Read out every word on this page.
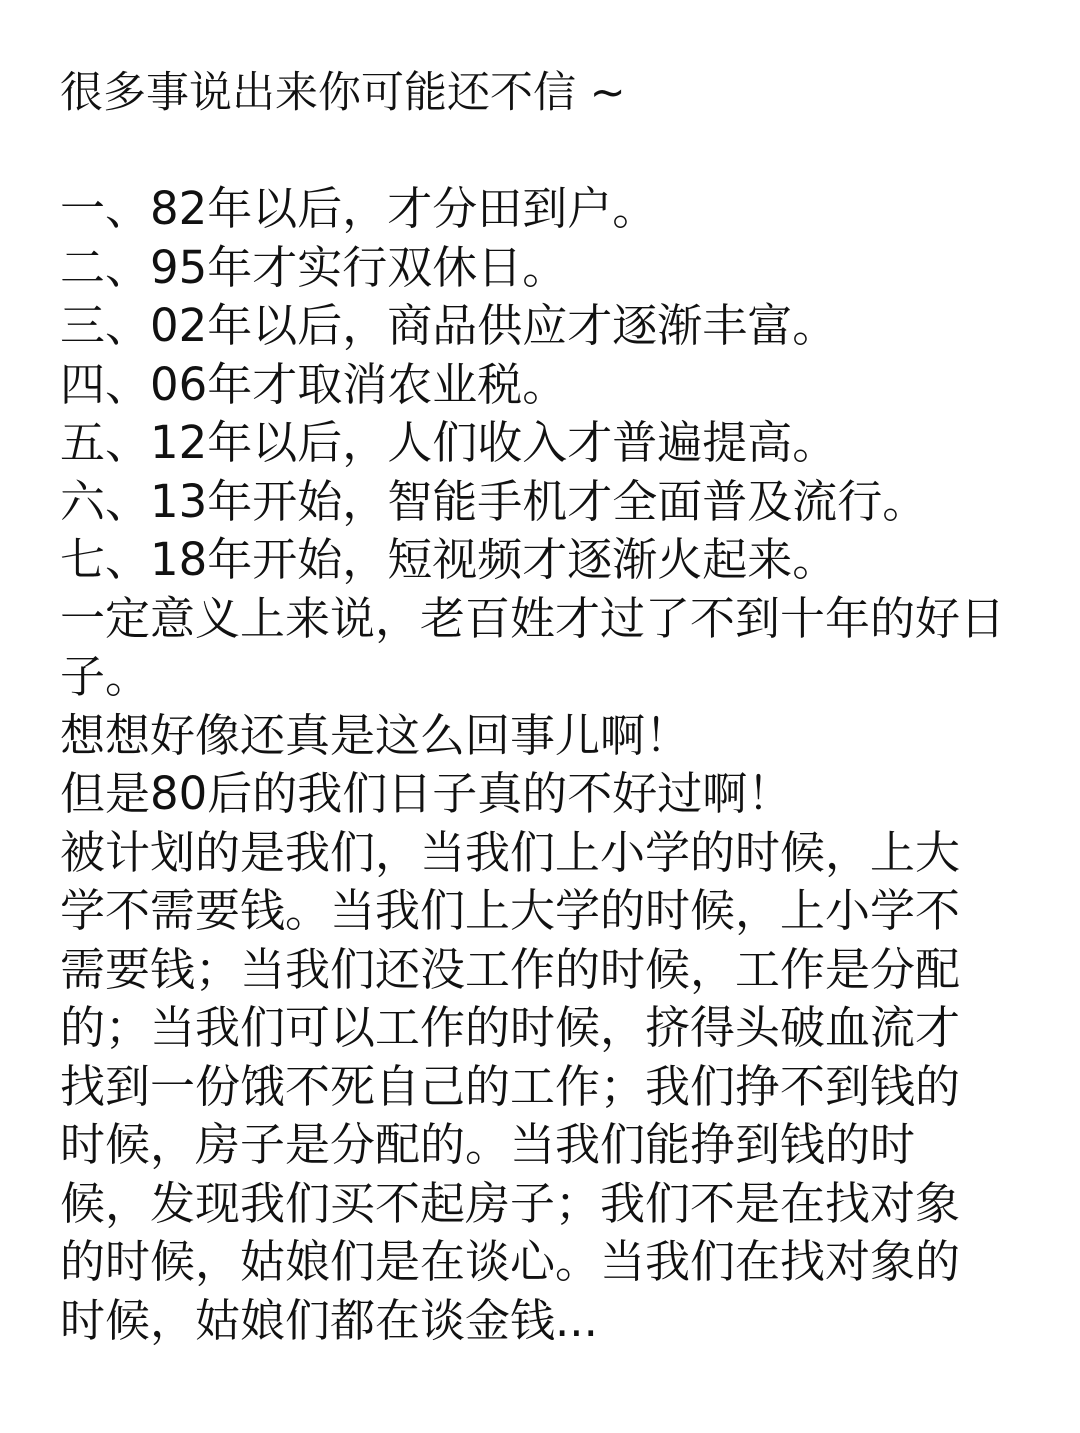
很多事说出来你可能还不信 ~

一、82年以后，才分田到户。

二、95年才实行双休日。

三、02年以后，商品供应才逐渐丰富。

四、06年才取消农业税。

五、12年以后，人们收入才普遍提高。

六、13年开始，智能手机才全面普及流行。

七、18年开始，短视频才逐渐火起来。

一定意义上来说，老百姓才过了不到十年的好日子。

想想好像还真是这么回事儿啊！

但是80后的我们日子真的不好过啊！

被计划的是我们，当我们上小学的时候，上大

学不需要钱。当我们上大学的时候，上小学不

需要钱；当我们还没工作的时候，工作是分配

的；当我们可以工作的时候，挤得头破血流才

找到一份饿不死自己的工作；我们挣不到钱的

时候，房子是分配的。当我们能挣到钱的时

候，发现我们买不起房子；我们不是在找对象

的时候，姑娘们是在谈心。当我们在找对象的

时候，姑娘们都在谈金钱...
